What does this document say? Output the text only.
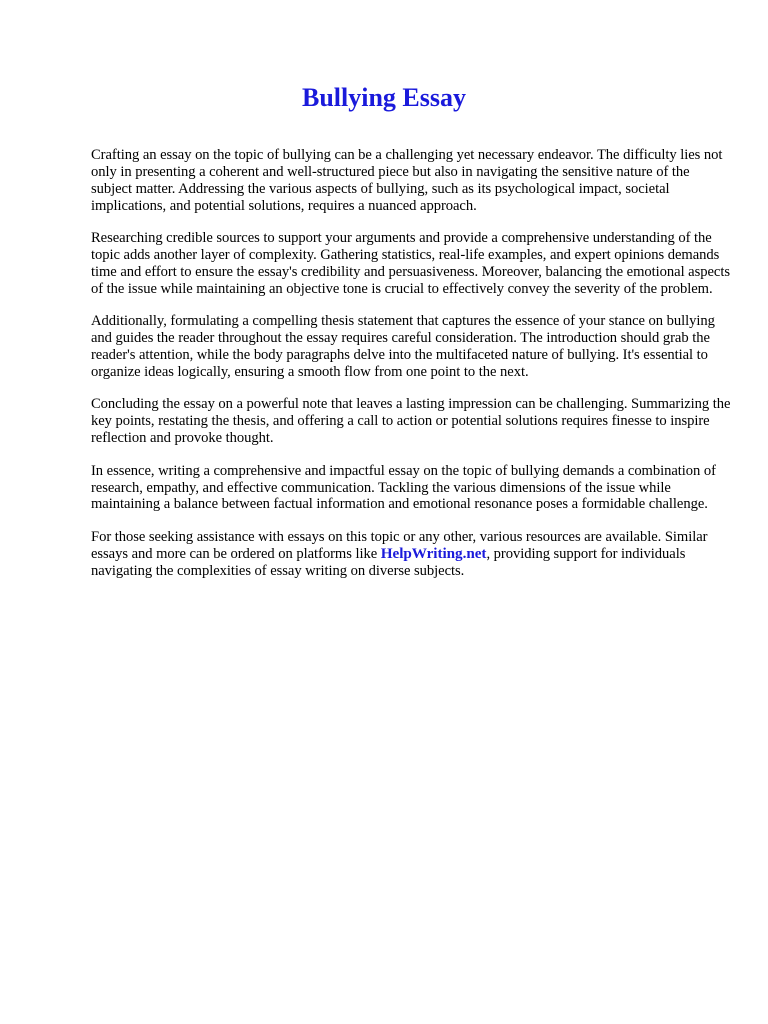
Bullying Essay

Crafting an essay on the topic of bullying can be a challenging yet necessary endeavor. The difficulty lies not only in presenting a coherent and well-structured piece but also in navigating the sensitive nature of the subject matter. Addressing the various aspects of bullying, such as its psychological impact, societal implications, and potential solutions, requires a nuanced approach.

Researching credible sources to support your arguments and provide a comprehensive understanding of the topic adds another layer of complexity. Gathering statistics, real-life examples, and expert opinions demands time and effort to ensure the essay's credibility and persuasiveness. Moreover, balancing the emotional aspects of the issue while maintaining an objective tone is crucial to effectively convey the severity of the problem.

Additionally, formulating a compelling thesis statement that captures the essence of your stance on bullying and guides the reader throughout the essay requires careful consideration. The introduction should grab the reader's attention, while the body paragraphs delve into the multifaceted nature of bullying. It's essential to organize ideas logically, ensuring a smooth flow from one point to the next.

Concluding the essay on a powerful note that leaves a lasting impression can be challenging. Summarizing the key points, restating the thesis, and offering a call to action or potential solutions requires finesse to inspire reflection and provoke thought.

In essence, writing a comprehensive and impactful essay on the topic of bullying demands a combination of research, empathy, and effective communication. Tackling the various dimensions of the issue while maintaining a balance between factual information and emotional resonance poses a formidable challenge.

For those seeking assistance with essays on this topic or any other, various resources are available. Similar essays and more can be ordered on platforms like HelpWriting.net, providing support for individuals navigating the complexities of essay writing on diverse subjects.
